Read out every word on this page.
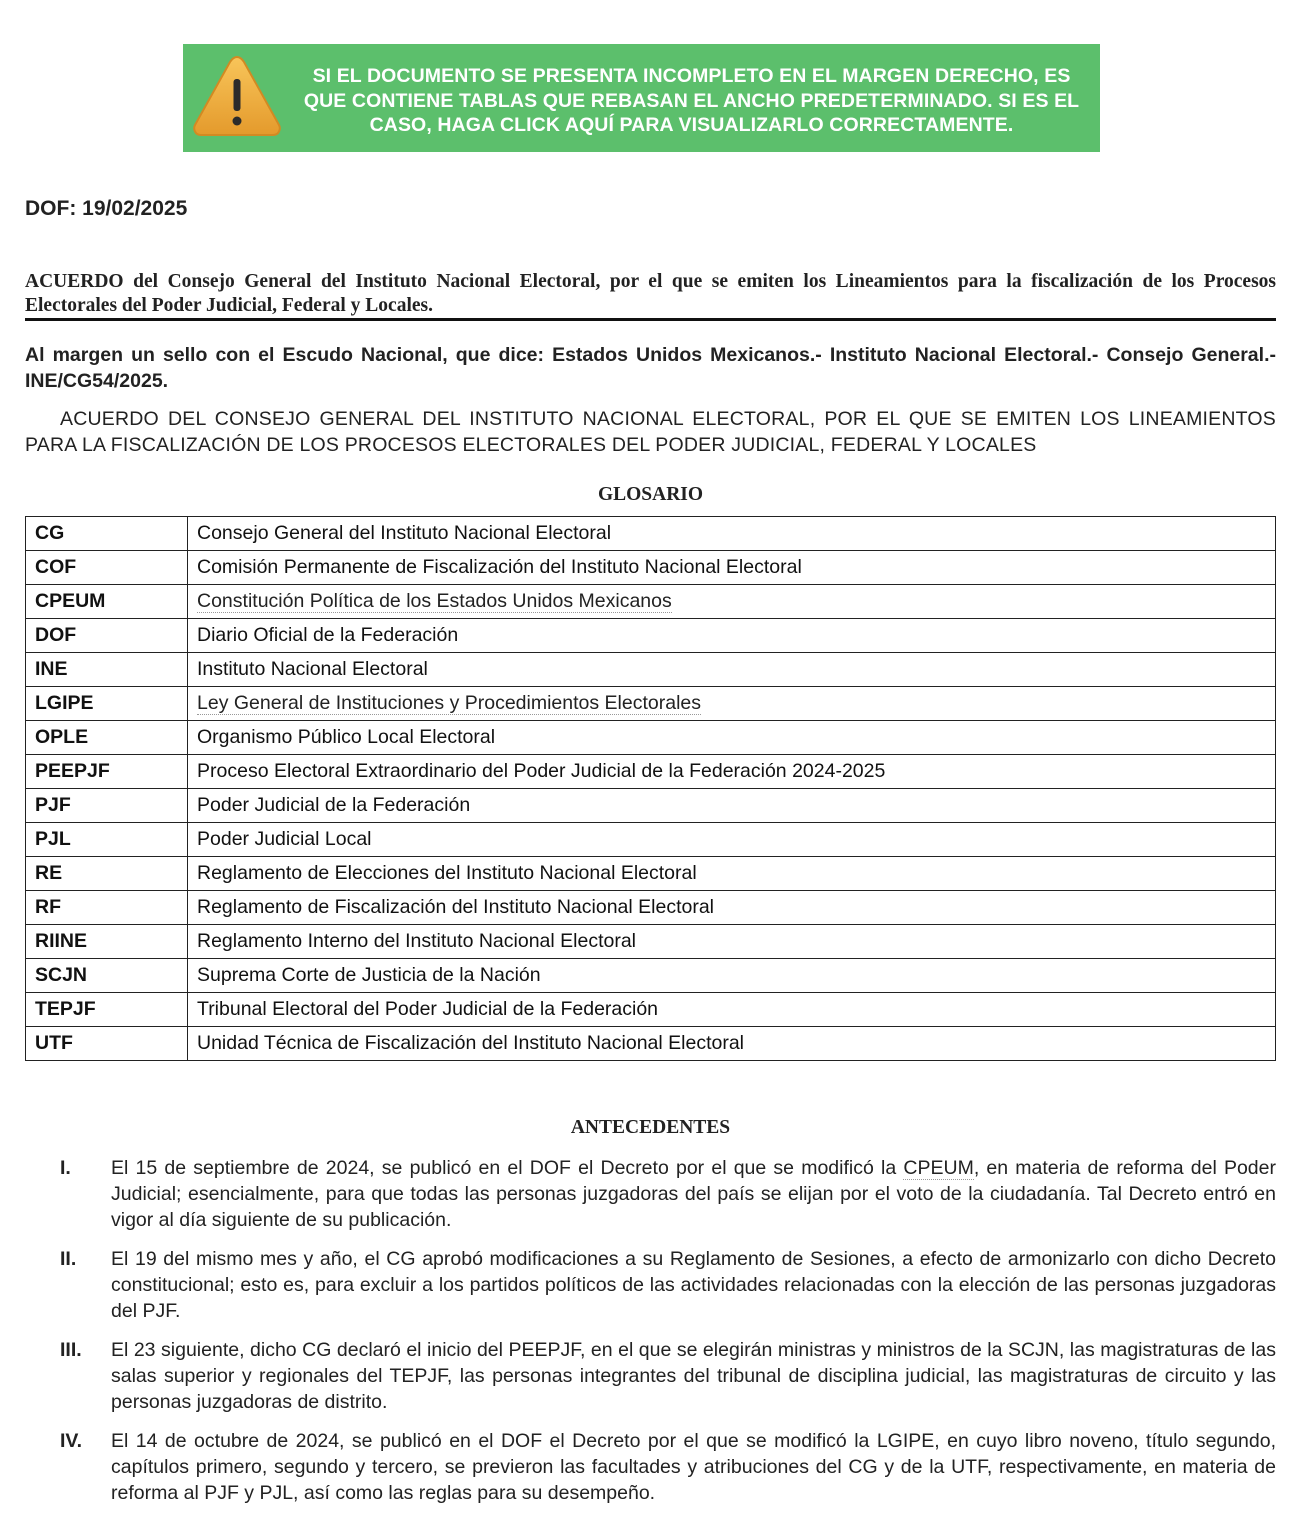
SI EL DOCUMENTO SE PRESENTA INCOMPLETO EN EL MARGEN DERECHO, ES QUE CONTIENE TABLAS QUE REBASAN EL ANCHO PREDETERMINADO. SI ES EL CASO, HAGA CLICK AQUÍ PARA VISUALIZARLO CORRECTAMENTE.
DOF: 19/02/2025
ACUERDO del Consejo General del Instituto Nacional Electoral, por el que se emiten los Lineamientos para la fiscalización de los Procesos Electorales del Poder Judicial, Federal y Locales.
Al margen un sello con el Escudo Nacional, que dice: Estados Unidos Mexicanos.- Instituto Nacional Electoral.- Consejo General.- INE/CG54/2025.
ACUERDO DEL CONSEJO GENERAL DEL INSTITUTO NACIONAL ELECTORAL, POR EL QUE SE EMITEN LOS LINEAMIENTOS PARA LA FISCALIZACIÓN DE LOS PROCESOS ELECTORALES DEL PODER JUDICIAL, FEDERAL Y LOCALES
GLOSARIO
CG	Consejo General del Instituto Nacional Electoral
COF	Comisión Permanente de Fiscalización del Instituto Nacional Electoral
CPEUM	Constitución Política de los Estados Unidos Mexicanos
DOF	Diario Oficial de la Federación
INE	Instituto Nacional Electoral
LGIPE	Ley General de Instituciones y Procedimientos Electorales
OPLE	Organismo Público Local Electoral
PEEPJF	Proceso Electoral Extraordinario del Poder Judicial de la Federación 2024-2025
PJF	Poder Judicial de la Federación
PJL	Poder Judicial Local
RE	Reglamento de Elecciones del Instituto Nacional Electoral
RF	Reglamento de Fiscalización del Instituto Nacional Electoral
RIINE	Reglamento Interno del Instituto Nacional Electoral
SCJN	Suprema Corte de Justicia de la Nación
TEPJF	Tribunal Electoral del Poder Judicial de la Federación
UTF	Unidad Técnica de Fiscalización del Instituto Nacional Electoral
ANTECEDENTES
I. El 15 de septiembre de 2024, se publicó en el DOF el Decreto por el que se modificó la CPEUM, en materia de reforma del Poder Judicial; esencialmente, para que todas las personas juzgadoras del país se elijan por el voto de la ciudadanía. Tal Decreto entró en vigor al día siguiente de su publicación.
II. El 19 del mismo mes y año, el CG aprobó modificaciones a su Reglamento de Sesiones, a efecto de armonizarlo con dicho Decreto constitucional; esto es, para excluir a los partidos políticos de las actividades relacionadas con la elección de las personas juzgadoras del PJF.
III. El 23 siguiente, dicho CG declaró el inicio del PEEPJF, en el que se elegirán ministras y ministros de la SCJN, las magistraturas de las salas superior y regionales del TEPJF, las personas integrantes del tribunal de disciplina judicial, las magistraturas de circuito y las personas juzgadoras de distrito.
IV. El 14 de octubre de 2024, se publicó en el DOF el Decreto por el que se modificó la LGIPE, en cuyo libro noveno, título segundo, capítulos primero, segundo y tercero, se previeron las facultades y atribuciones del CG y de la UTF, respectivamente, en materia de reforma al PJF y PJL, así como las reglas para su desempeño.
